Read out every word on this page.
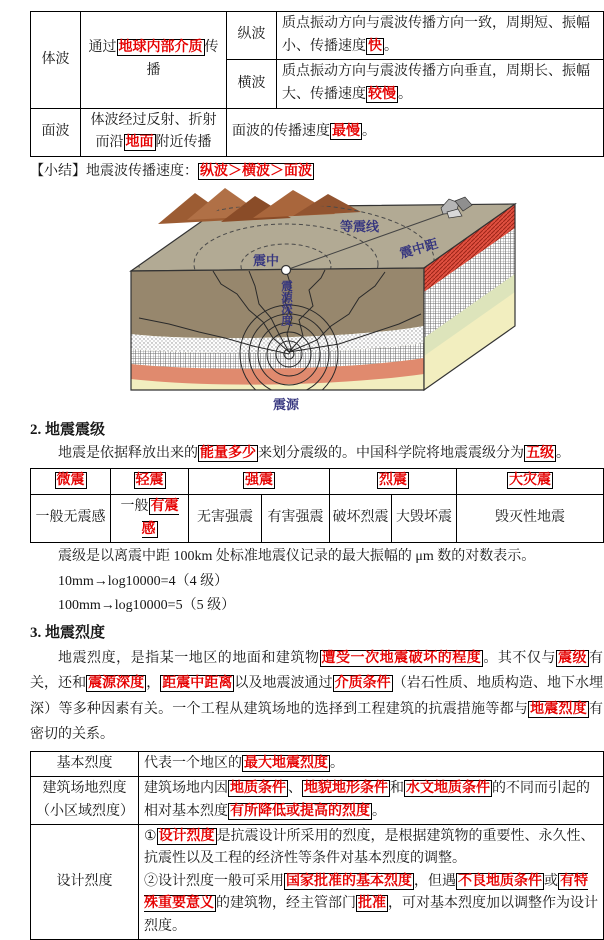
体波	通过 地球内部介质 传播	纵波	质点振动方向与震波传播方向一致，周期短、振幅小、传播速度 快 。
		横波	质点振动方向与震波传播方向垂直，周期长、振幅大、传播速度 较慢 。
面波	体波经过反射、折射而沿 地面 附近传播	面波的传播速度 最慢 。	
【小结】地震波传播速度： 纵波＞横波＞面波
等震线
震中距
震中
震源深度
震源
2. 地震震级
地震是依据释放出来的 能量多少 来划分震级的。中国科学院将地震震级分为 五级 。
微震	轻震	强震		烈震		大灾震
一般无震感	一般 有震感	无害强震	有害强震	破坏烈震	大毁坏震	毁灭性地震
震级是以离震中距 100km 处标准地震仪记录的最大振幅的 μm 数的对数表示。
10mm→log10000=4（4 级）
100mm→log10000=5（5 级）
3. 地震烈度
地震烈度，是指某一地区的地面和建筑物 遭受一次地震破坏的程度 。其不仅与 震级 有关，还和 震源深度 ， 距震中距离 以及地震波通过 介质条件 （岩石性质、地质构造、地下水埋深）等多种因素有关。一个工程从建筑场地的选择到工程建筑的抗震措施等都与 地震烈度 有密切的关系。
基本烈度	代表一个地区的 最大地震烈度 。

建筑场地烈度
（小区域烈度）	建筑场地内因 地质条件 、 地貌地形条件 和 水文地质条件 的不同而引起的相对基本烈度 有所降低或提高的烈度 。
设计烈度	① 设计烈度 是抗震设计所采用的烈度，是根据建筑物的重要性、永久性、抗震性以及工程的经济性等条件对基本烈度的调整。
②设计烈度一般可采用 国家批准的基本烈度 ，但遇 不良地质条件 或 有特殊重要意义 的建筑物，经主管部门 批准 ，可对基本烈度加以调整作为设计烈度。
